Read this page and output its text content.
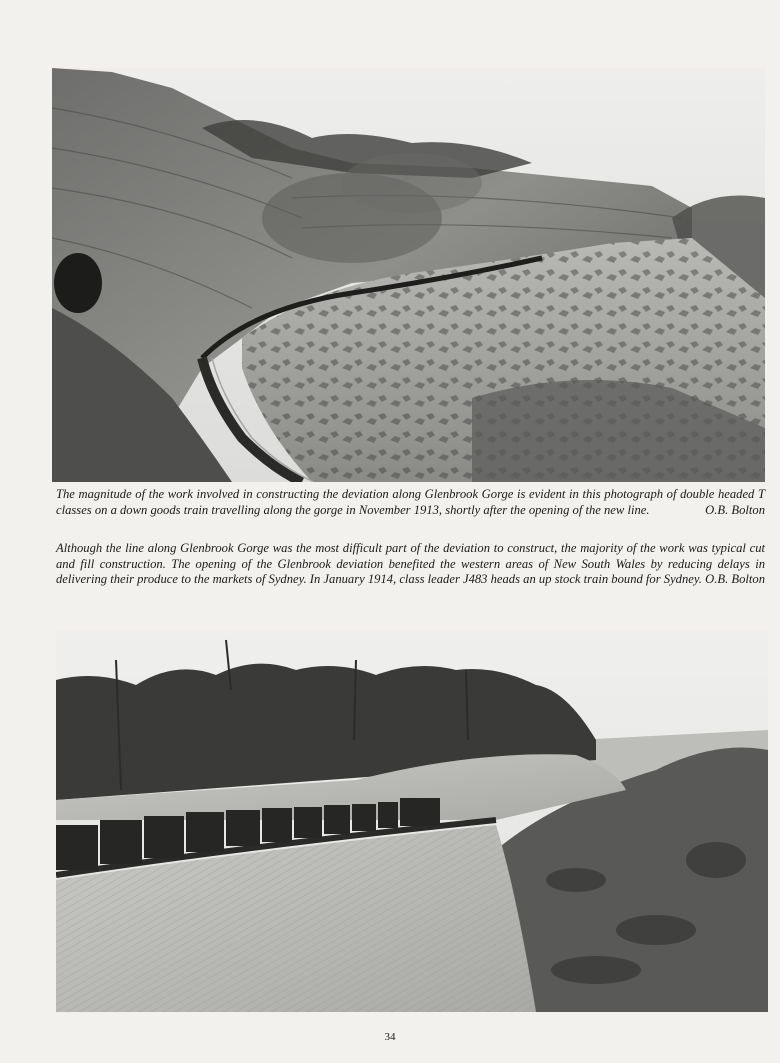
The magnitude of the work involved in constructing the deviation along Glenbrook Gorge is evident in this photograph of double headed T classes on a down goods train travelling along the gorge in November 1913, shortly after the opening of the new line.	O.B. Bolton
Although the line along Glenbrook Gorge was the most difficult part of the deviation to construct, the majority of the work was typical cut and fill construction. The opening of the Glenbrook deviation benefited the western areas of New South Wales by reducing delays in delivering their produce to the markets of Sydney. In January 1914, class leader J483 heads an up stock train bound for Sydney. O.B. Bolton
34
